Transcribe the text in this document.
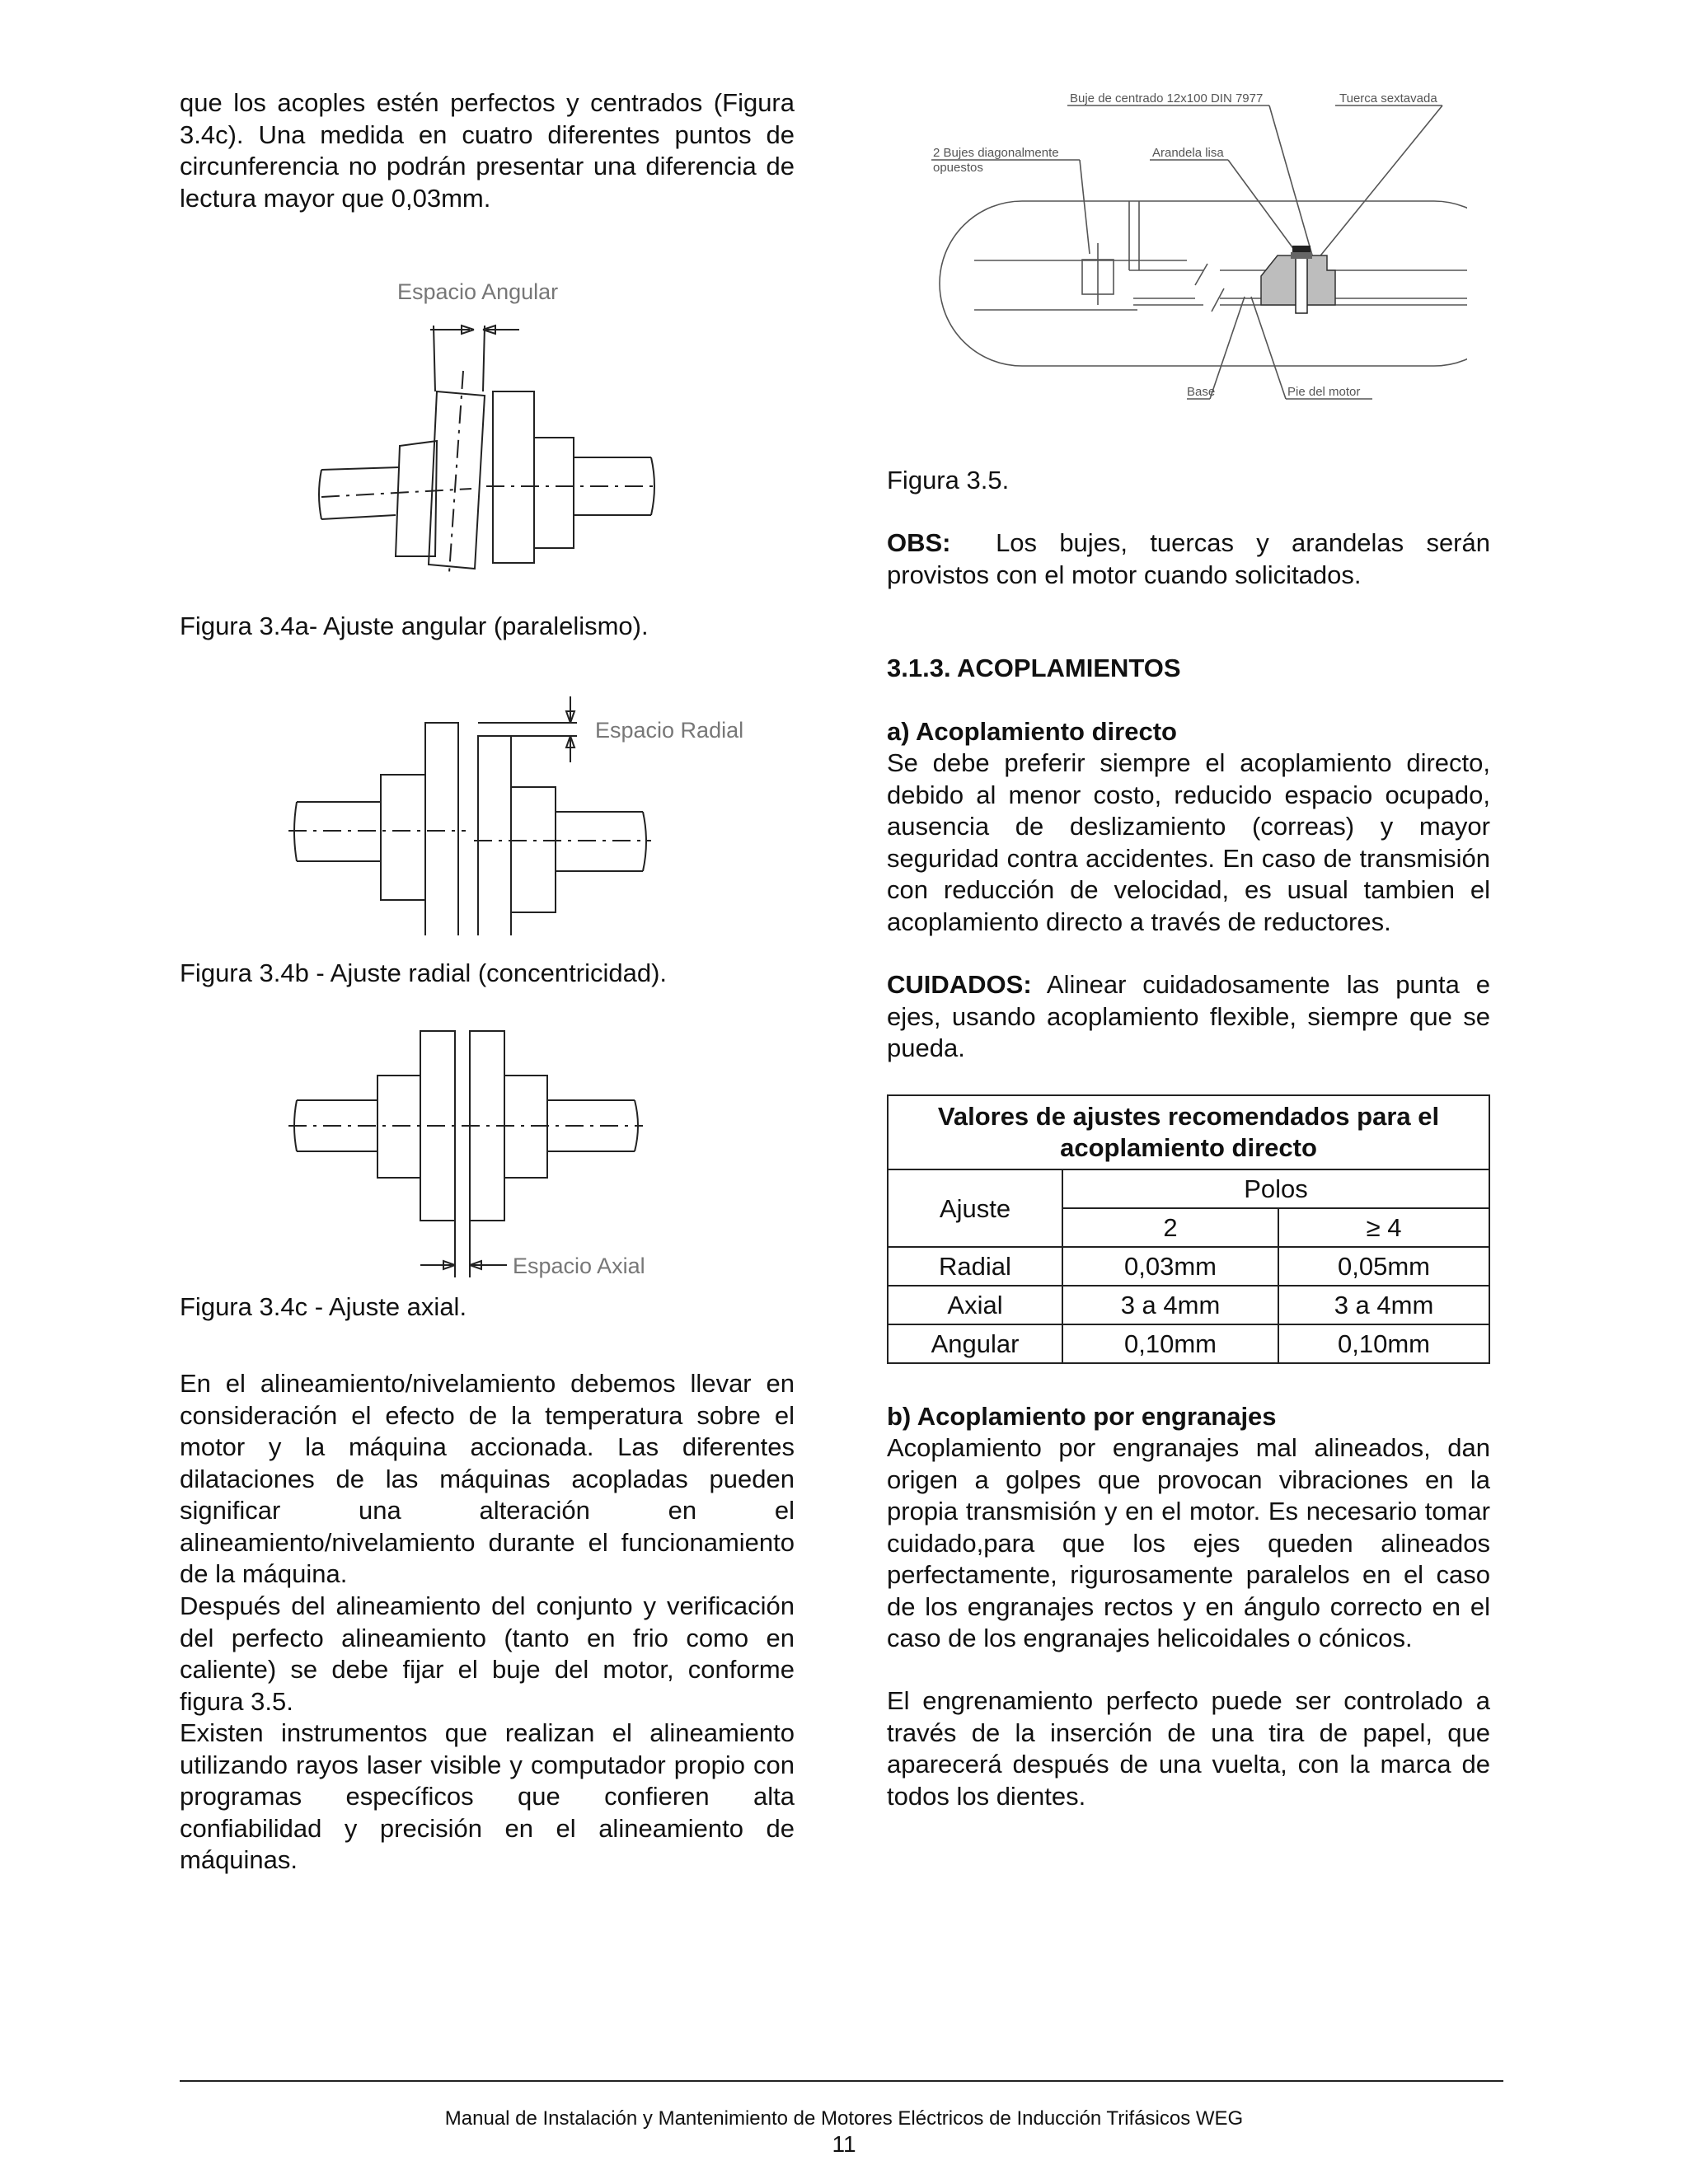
que los acoples estén perfectos y centrados (Figura 3.4c). Una medida en cuatro diferentes puntos de circunferencia no podrán presentar una diferencia de lectura mayor que 0,03mm.

Espacio Angular

Figura 3.4a- Ajuste angular (paralelismo).

Espacio Radial

Figura 3.4b - Ajuste radial (concentricidad).

Espacio Axial

Figura 3.4c - Ajuste axial.

En el alineamiento/nivelamiento debemos llevar en consideración el efecto de la temperatura sobre el motor y la máquina accionada. Las diferentes dilataciones de las máquinas acopladas pueden significar una alteración en el alineamiento/nivelamiento durante el funcionamiento de la máquina.

Después del alineamiento del conjunto y verificación del perfecto alineamiento (tanto en frio como en caliente) se debe fijar el buje del motor, conforme figura 3.5.

Existen instrumentos que realizan el alineamiento utilizando rayos laser visible y computador propio con programas específicos que confieren alta confiabilidad y precisión en el alineamiento de máquinas.

Buje de centrado 12x100 DIN 7977	Tuerca sextavada
2 Bujes diagonalmente
opuestos
Arandela lisa
Base	Pie del motor

Figura 3.5.

OBS: Los bujes, tuercas y arandelas serán provistos con el motor cuando solicitados.

3.1.3. ACOPLAMIENTOS

a) Acoplamiento directo

Se debe preferir siempre el acoplamiento directo, debido al menor costo, reducido espacio ocupado, ausencia de deslizamiento (correas) y mayor seguridad contra accidentes. En caso de transmisión con reducción de velocidad, es usual tambien el acoplamiento directo a través de reductores.

CUIDADOS: Alinear cuidadosamente las punta e ejes, usando acoplamiento flexible, siempre que se pueda.

Valores de ajustes recomendados para el acoplamiento directo		
Ajuste	Polos	
	2	≥ 4
Radial	0,03mm	0,05mm
Axial	3 a 4mm	3 a 4mm
Angular	0,10mm	0,10mm

b) Acoplamiento por engranajes

Acoplamiento por engranajes mal alineados, dan origen a golpes que provocan vibraciones en la propia transmisión y en el motor. Es necesario tomar cuidado,para que los ejes queden alineados perfectamente, rigurosamente paralelos en el caso de los engranajes rectos y en ángulo correcto en el caso de los engranajes helicoidales o cónicos.

El engrenamiento perfecto puede ser controlado a través de la inserción de una tira de papel, que aparecerá después de una vuelta, con la marca de todos los dientes.

Manual de Instalación y Mantenimiento de Motores Eléctricos de Inducción Trifásicos WEG
11
